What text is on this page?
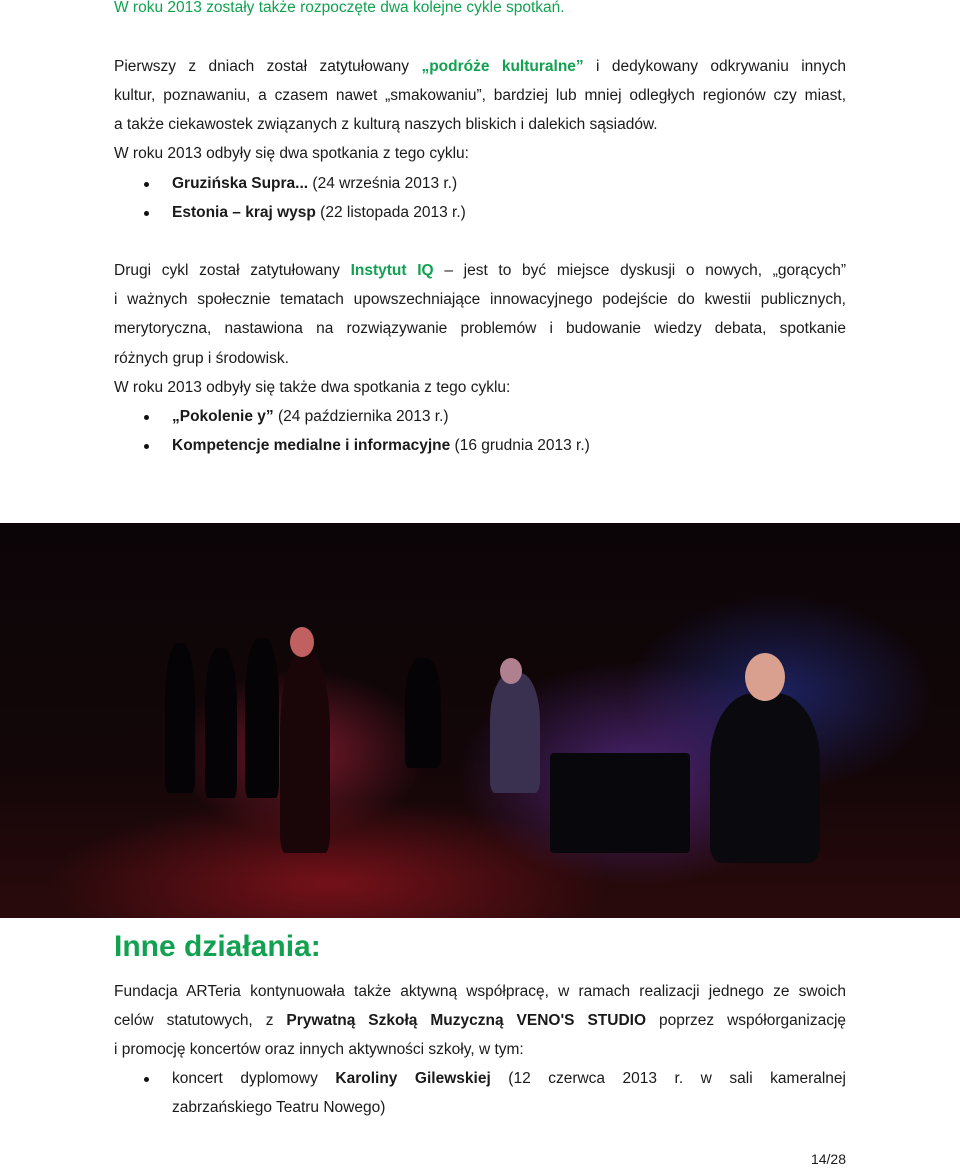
W roku 2013 zostały także rozpoczęte dwa kolejne cykle spotkań.
Pierwszy z dniach został zatytułowany „podróże kulturalne” i dedykowany odkrywaniu innych
kultur, poznawaniu, a czasem nawet „smakowaniu”, bardziej lub mniej odległych regionów czy miast,
a także ciekawostek związanych z kulturą naszych bliskich i dalekich sąsiadów.
W roku 2013 odbyły się dwa spotkania z tego cyklu:
Gruzińska Supra... (24 września 2013 r.)
Estonia – kraj wysp (22 listopada 2013 r.)
Drugi cykl został zatytułowany Instytut IQ – jest to być miejsce dyskusji o nowych, „gorących”
i ważnych społecznie tematach upowszechniające innowacyjnego podejście do kwestii publicznych,
merytoryczna, nastawiona na rozwiązywanie problemów i budowanie wiedzy debata, spotkanie
różnych grup i środowisk.
W roku 2013 odbyły się także dwa spotkania z tego cyklu:
„Pokolenie y” (24 października 2013 r.)
Kompetencje medialne i informacyjne (16 grudnia 2013 r.)
Inne działania:
Fundacja ARTeria kontynuowała także aktywną współpracę, w ramach realizacji jednego ze swoich
celów statutowych, z Prywatną Szkołą Muzyczną VENO'S STUDIO poprzez współorganizację
i promocję koncertów oraz innych aktywności szkoły, w tym:
koncert dyplomowy Karoliny Gilewskiej (12 czerwca 2013 r. w sali kameralnej
zabrzańskiego Teatru Nowego)
14/28
